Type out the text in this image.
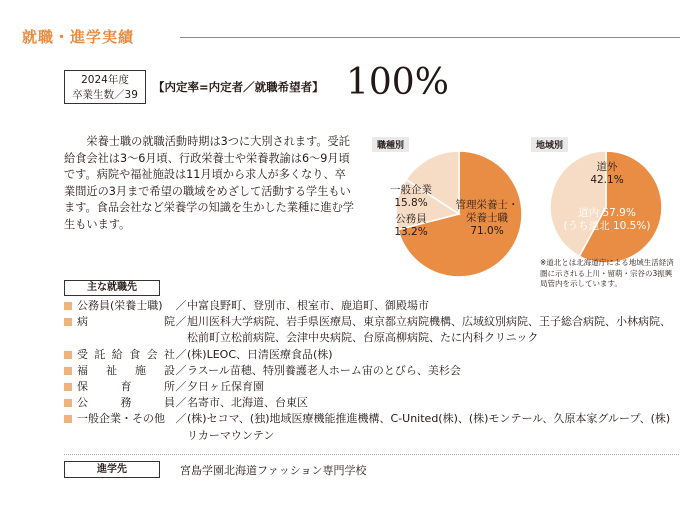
就職・進学実績
2024年度
卒業生数／39
【内定率=内定者／就職希望者】 100%
栄養士職の就職活動時期は3つに大別されます。受託給食会社は3～6月頃、行政栄養士や栄養教諭は6～9月頃です。病院や福祉施設は11月頃から求人が多くなり、卒業間近の3月まで希望の職域をめざして活動する学生もいます。食品会社など栄養学の知識を生かした業種に進む学生もいます。
職種別
管理栄養士・
栄養士職
71.0%
一般企業
15.8%
公務員
13.2%
地域別
道外
42.1%
道内 57.9%
(うち道北 10.5%)
※道北とは北海道庁による地域生活経済圏に示される上川・留萌・宗谷の3振興局管内を示しています。
主な就職先
公務員(栄養士職)	／ 中富良野町、登別市、根室市、鹿追町、御殿場市
病院 ／ 旭川医科大学病院、岩手県医療局、東京都立病院機構、広域紋別病院、王子総合病院、小林病院、松前町立松前病院、会津中央病院、台原高柳病院、たに内科クリニック
受託給食会社 ／ (株)LEOC、日清医療食品(株)
福祉施設 ／ ラスール苗穂、特別養護老人ホーム宙のとびら、美杉会
保育所 ／ 夕日ヶ丘保育園
公務員 ／ 名寄市、北海道、台東区
一般企業・その他 ／ (株)セコマ、(独)地域医療機能推進機構、C-United(株)、(株)モンテール、久原本家グループ、(株)リカーマウンテン
進学先	宮島学園北海道ファッション専門学校
